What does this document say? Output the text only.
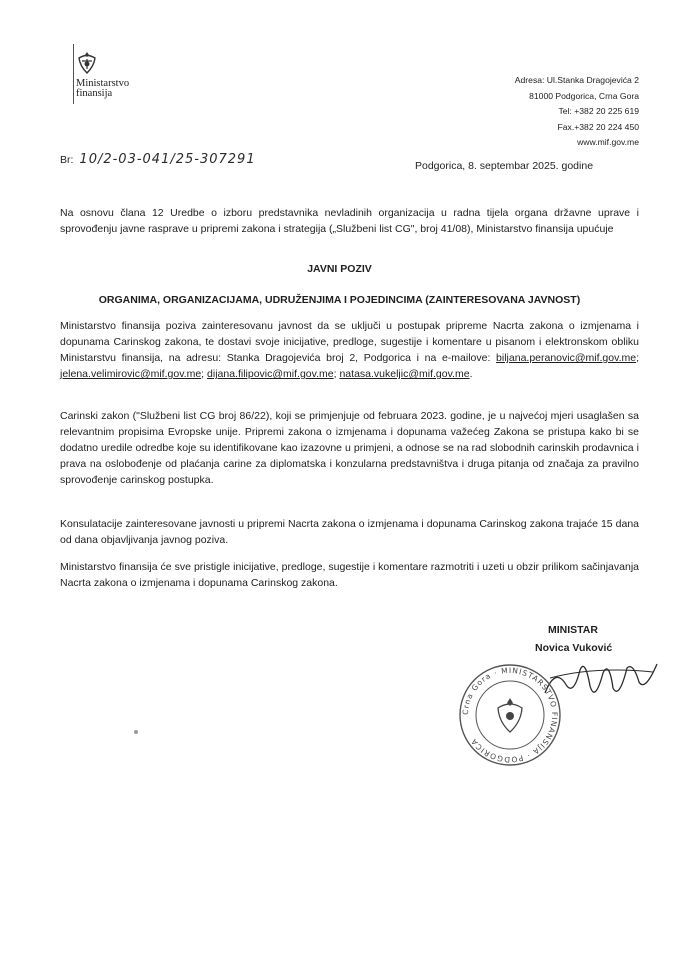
Ministarstvo
finansija
Adresa: Ul.Stanka Dragojevića 2
81000 Podgorica, Crna Gora
Tel: +382 20 225 619
Fax.+382 20 224 450
www.mif.gov.me
Br: 10/2-03-041/25-307291	Podgorica, 8. septembar 2025. godine
Na osnovu člana 12 Uredbe o izboru predstavnika nevladinih organizacija u radna tijela organa državne uprave i sprovođenju javne rasprave u pripremi zakona i strategija („Službeni list CG", broj 41/08), Ministarstvo finansija upućuje
JAVNI POZIV
ORGANIMA, ORGANIZACIJAMA, UDRUŽENJIMA I POJEDINCIMA (ZAINTERESOVANA JAVNOST)
Ministarstvo finansija poziva zainteresovanu javnost da se uključi u postupak pripreme Nacrta zakona o izmjenama i dopunama Carinskog zakona, te dostavi svoje inicijative, predloge, sugestije i komentare u pisanom i elektronskom obliku Ministarstvu finansija, na adresu: Stanka Dragojevića broj 2, Podgorica i na e-mailove: biljana.peranovic@mif.gov.me; jelena.velimirovic@mif.gov.me; dijana.filipovic@mif.gov.me; natasa.vukeljic@mif.gov.me.
Carinski zakon ("Službeni list CG broj 86/22), koji se primjenjuje od februara 2023. godine, je u najvećoj mjeri usaglašen sa relevantnim propisima Evropske unije. Pripremi zakona o izmjenama i dopunama važećeg Zakona se pristupa kako bi se dodatno uredile odredbe koje su identifikovane kao izazovne u primjeni, a odnose se na rad slobodnih carinskih prodavnica i prava na oslobođenje od plaćanja carine za diplomatska i konzularna predstavništva i druga pitanja od značaja za pravilno sprovođenje carinskog postupka.
Konsulatacije zainteresovane javnosti u pripremi Nacrta zakona o izmjenama i dopunama Carinskog zakona trajaće 15 dana od dana objavljivanja javnog poziva.
Ministarstvo finansija će sve pristigle inicijative, predloge, sugestije i komentare razmotriti i uzeti u obzir prilikom sačinjavanja Nacrta zakona o izmjenama i dopunama Carinskog zakona.
MINISTAR
Novica Vuković
Crna Gora · MINISTARSTVO FINANSIJA · PODGORICA
